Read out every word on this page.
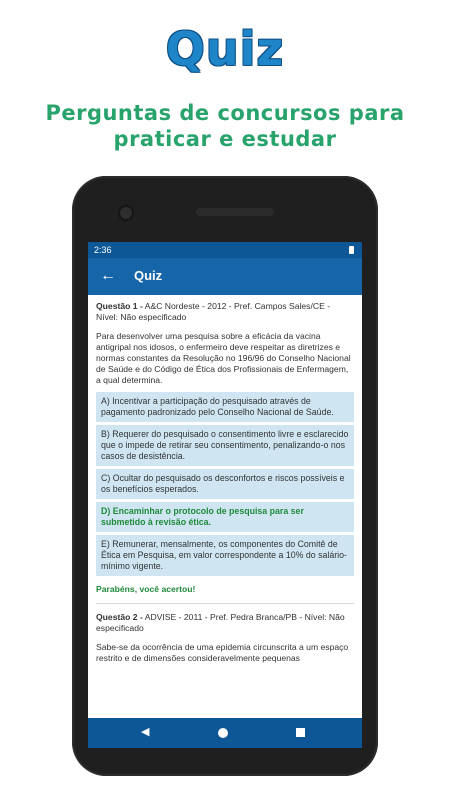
Quiz
Perguntas de concursos para
praticar e estudar
2:36
← Quiz
Questão 1 - A&C Nordeste - 2012 - Pref. Campos Sales/CE - Nível: Não especificado
Para desenvolver uma pesquisa sobre a eficácia da vacina antigripal nos idosos, o enfermeiro deve respeitar as diretrizes e normas constantes da Resolução no 196/96 do Conselho Nacional de Saúde e do Código de Ética dos Profissionais de Enfermagem, a qual determina.
A) Incentivar a participação do pesquisado através de pagamento padronizado pelo Conselho Nacional de Saúde.
B) Requerer do pesquisado o consentimento livre e esclarecido que o impede de retirar seu consentimento, penalizando-o nos casos de desistência.
C) Ocultar do pesquisado os desconfortos e riscos possíveis e os benefícios esperados.
D) Encaminhar o protocolo de pesquisa para ser submetido à revisão ética.
E) Remunerar, mensalmente, os componentes do Comitê de Ética em Pesquisa, em valor correspondente a 10% do salário-mínimo vigente.
Parabéns, você acertou!
Questão 2 - ADVISE - 2011 - Pref. Pedra Branca/PB - Nível: Não especificado
Sabe-se da ocorrência de uma epidemia circunscrita a um espaço restrito e de dimensões consideravelmente pequenas
◀
